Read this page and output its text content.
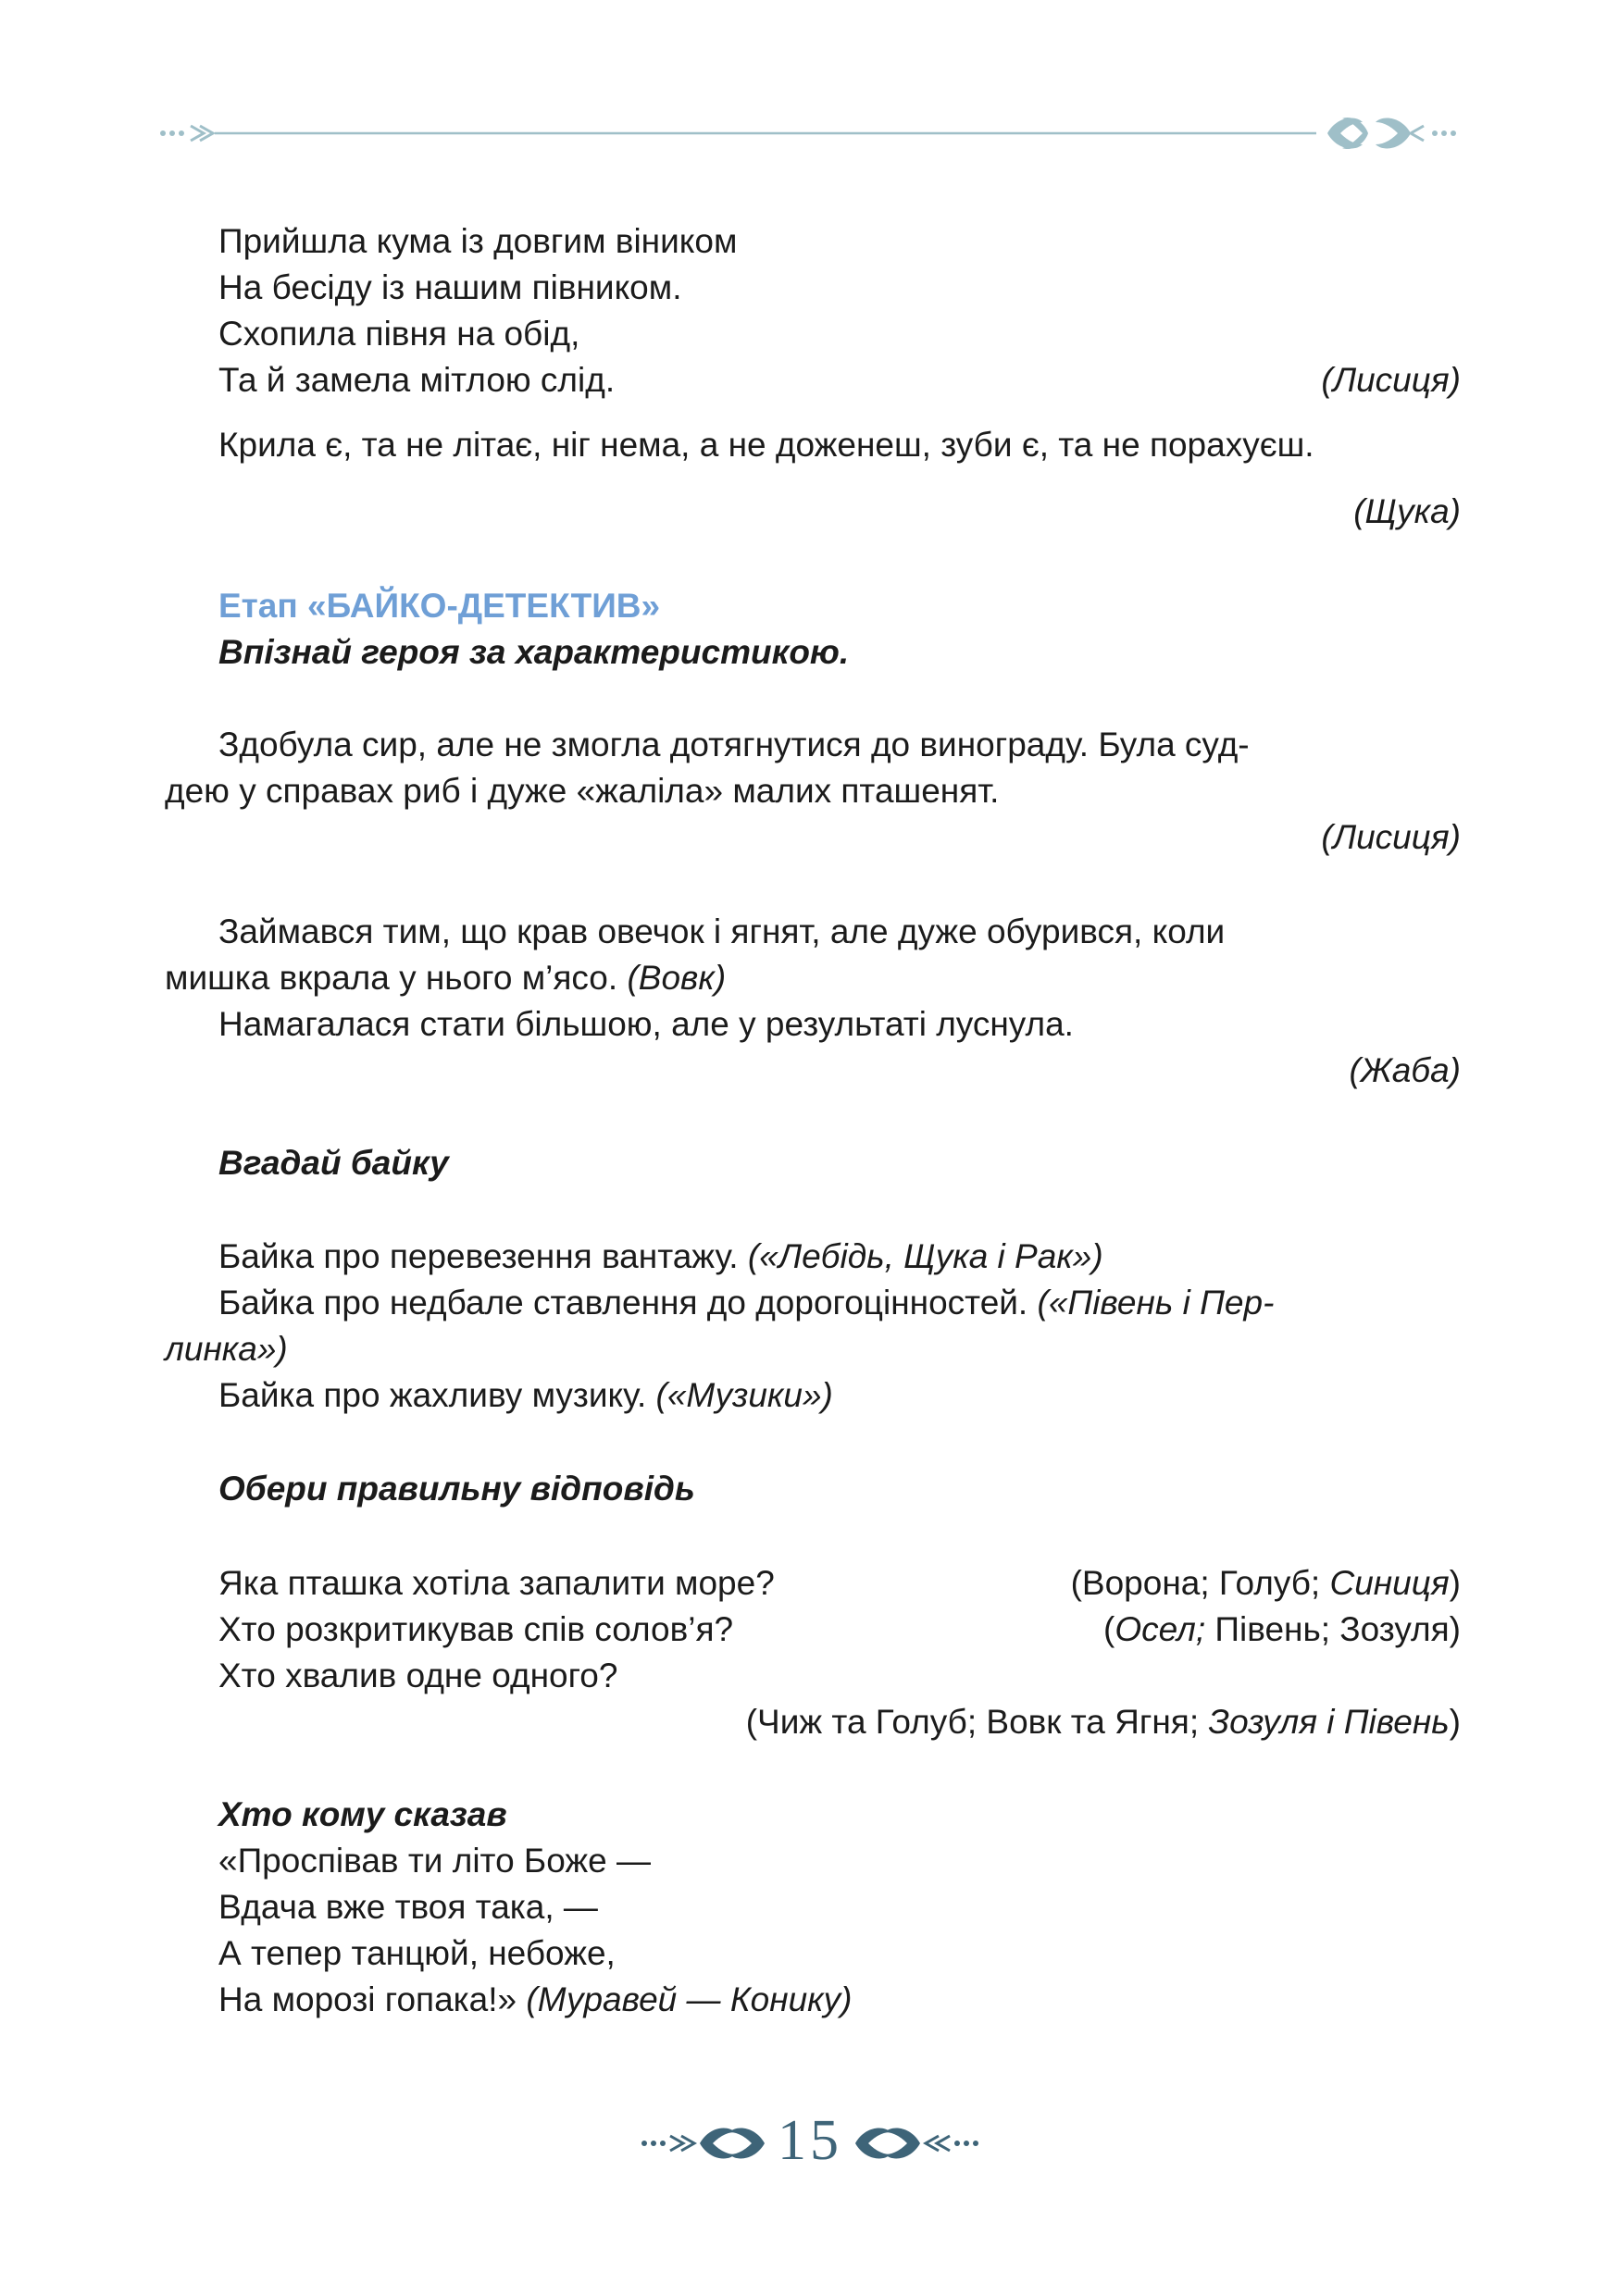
Прийшла кума із довгим віником
На бесіду із нашим півником.
Схопила півня на обід,
Та й замела мітлою слід.	(Лисиця)
Крила є, та не літає, ніг нема, а не доженеш, зуби є, та не порахуєш.
(Щука)
Етап «БАЙКО-ДЕТЕКТИВ»
Впізнай героя за характеристикою.
Здобула сир, але не змогла дотягнутися до винограду. Була суд-
дею у справах риб і дуже «жаліла» малих пташенят.
(Лисиця)
Займався тим, що крав овечок і ягнят, але дуже обурився, коли
мишка вкрала у нього м’ясо. (Вовк)
Намагалася стати більшою, але у результаті луснула.
(Жаба)
Вгадай байку
Байка про перевезення вантажу. («Лебідь, Щука і Рак»)
Байка про недбале ставлення до дорогоцінностей. («Півень і Пер-
линка»)
Байка про жахливу музику. («Музики»)
Обери правильну відповідь
Яка пташка хотіла запалити море?	(Ворона; Голуб; Синиця)
Хто розкритикував спів солов’я?	(Осел; Півень; Зозуля)
Хто хвалив одне одного?
(Чиж та Голуб; Вовк та Ягня; Зозуля і Півень)
Хто кому сказав
«Проспівав ти літо Боже —
Вдача вже твоя така, —
А тепер танцюй, небоже,
На морозі гопака!» (Муравей — Конику)
15
